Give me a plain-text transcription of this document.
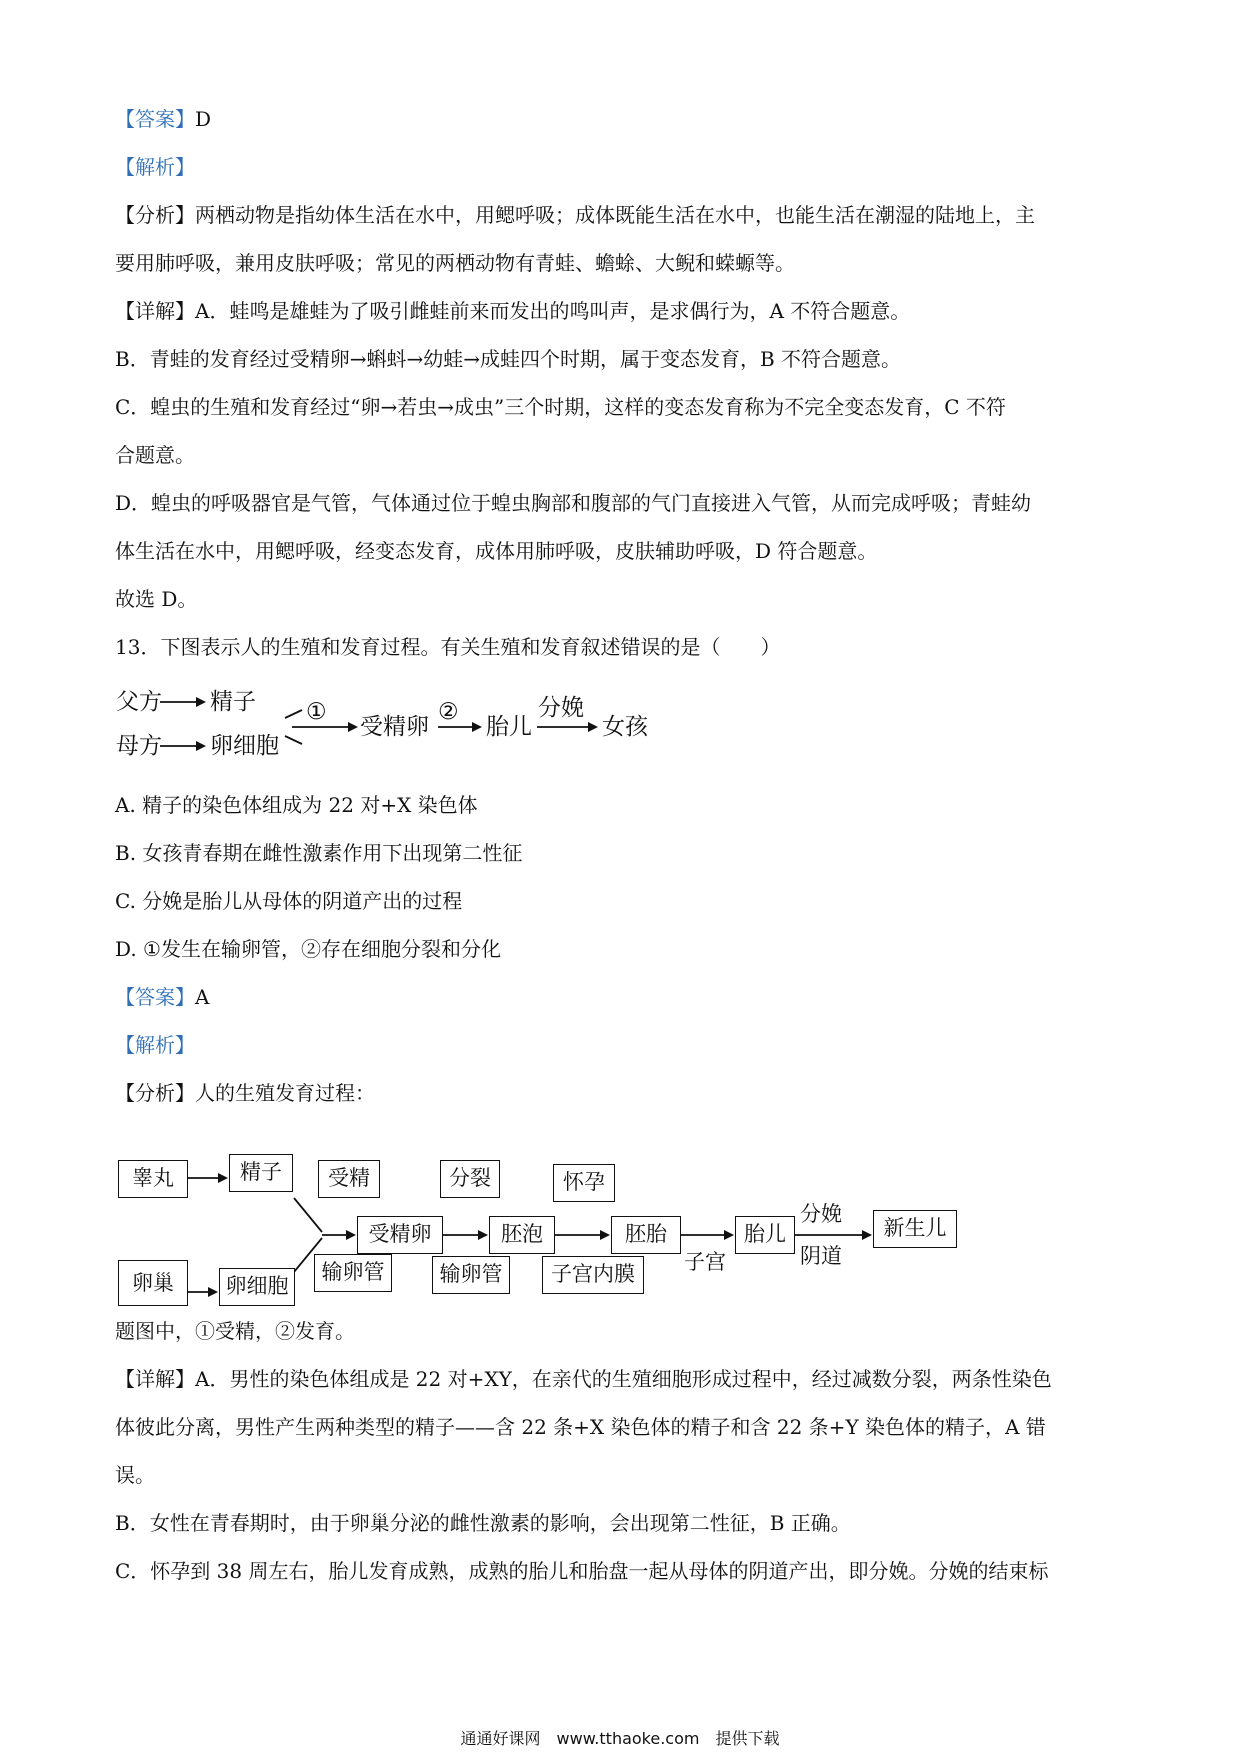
【答案】D
【解析】
【分析】两栖动物是指幼体生活在水中，用鳃呼吸；成体既能生活在水中，也能生活在潮湿的陆地上，主
要用肺呼吸，兼用皮肤呼吸；常见的两栖动物有青蛙、蟾蜍、大鲵和蝾螈等。
【详解】A．蛙鸣是雄蛙为了吸引雌蛙前来而发出的鸣叫声，是求偶行为，A 不符合题意。
B．青蛙的发育经过受精卵→蝌蚪→幼蛙→成蛙四个时期，属于变态发育，B 不符合题意。
C．蝗虫的生殖和发育经过“卵→若虫→成虫”三个时期，这样的变态发育称为不完全变态发育，C 不符
合题意。
D．蝗虫的呼吸器官是气管，气体通过位于蝗虫胸部和腹部的气门直接进入气管，从而完成呼吸；青蛙幼
体生活在水中，用鳃呼吸，经变态发育，成体用肺呼吸，皮肤辅助呼吸，D 符合题意。
故选 D。
13．下图表示人的生殖和发育过程。有关生殖和发育叙述错误的是（　　）
父方 精子
母方 卵细胞
①
受精卵
②
胎儿
分娩
女孩
A. 精子的染色体组成为 22 对+X 染色体
B. 女孩青春期在雌性激素作用下出现第二性征
C. 分娩是胎儿从母体的阴道产出的过程
D. ①发生在输卵管，②存在细胞分裂和分化
【答案】A
【解析】
【分析】人的生殖发育过程：
睾丸	精子	受精	分裂	怀孕
受精卵	胚泡	胚胎	胎儿	新生儿
分娩
阴道
子宫
卵巢	卵细胞
输卵管	输卵管	子宫内膜
题图中，①受精，②发育。
【详解】A．男性的染色体组成是 22 对+XY，在亲代的生殖细胞形成过程中，经过减数分裂，两条性染色
体彼此分离，男性产生两种类型的精子——含 22 条+X 染色体的精子和含 22 条+Y 染色体的精子，A 错
误。
B．女性在青春期时，由于卵巢分泌的雌性激素的影响，会出现第二性征，B 正确。
C．怀孕到 38 周左右，胎儿发育成熟，成熟的胎儿和胎盘一起从母体的阴道产出，即分娩。分娩的结束标
通通好课网　www.tthaoke.com　提供下载
